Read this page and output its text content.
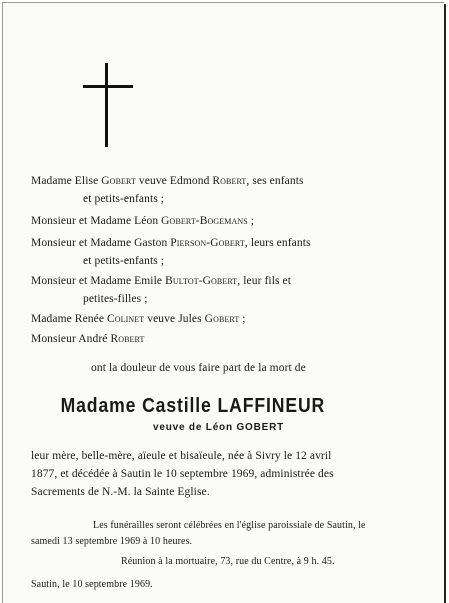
Madame Elise Gobert veuve Edmond Robert, ses enfants
et petits-enfants ;
Monsieur et Madame Léon Gobert-Bogemans ;
Monsieur et Madame Gaston Pierson-Gobert, leurs enfants
et petits-enfants ;
Monsieur et Madame Emile Bultot-Gobert, leur fils et
petites-filles ;
Madame Renée Colinet veuve Jules Gobert ;
Monsieur André Robert
ont la douleur de vous faire part de la mort de
Madame Castille LAFFINEUR
veuve de Léon GOBERT
leur mère, belle-mère, aïeule et bisaïeule, née à Sivry le 12 avril
1877, et décédée à Sautin le 10 septembre 1969, administrée des
Sacrements de N.-M. la Sainte Eglise.
Les funérailles seront célébrées en l'église paroissiale de Sautin, le
samedi 13 septembre 1969 à 10 heures.
Réunion à la mortuaire, 73, rue du Centre, à 9 h. 45.
Sautin, le 10 septembre 1969.
